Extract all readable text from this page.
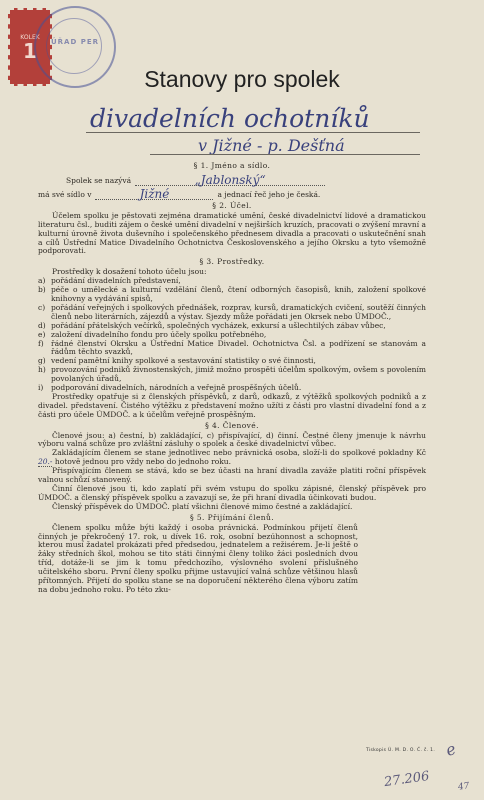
KOLEK
1	ÚŘAD PER
Stanovy pro spolek
divadelních ochotníků
v Jižné - p. Dešťná
§ 1. Jméno a sídlo.
Spolek se nazývá	„Jablonský“
má své sídlo v	Jižné	a jednací řeč jeho je česká.
§ 2. Účel.

Účelem spolku je pěstovati zejména dramatické umění, české divadelnictví lidové a dramatickou literaturu čsl., buditi zájem o české umění divadelní v nejširších kruzích, pracovati o zvýšení mravní a kulturní úrovně života duševního i společenského přednesem divadla a pracovati o uskutečnění snah a cílů Ústřední Matice Divadelního Ochotnictva Československého a jejího Okrsku a tyto všemožně podporovati.

§ 3. Prostředky.

Prostředky k dosažení tohoto účelu jsou:

a) pořádání divadelních představení,
b) péče o umělecké a kulturní vzdělání členů, čtení odborných časopisů, knih, založení spolkové knihovny a vydávání spisů,
c) pořádání veřejných i spolkových přednášek, rozprav, kursů, dramatických cvičení, soutěží činných členů nebo literárních, zájezdů a výstav. Sjezdy může pořádati jen Okrsek nebo ÚMDOČ.,
d) pořádání přátelských večírků, společných vycházek, exkursí a ušlechtilých zábav vůbec,
e) založení divadelního fondu pro účely spolku potřebného,
f) řádné členství Okrsku a Ústřední Matice Divadel. Ochotnictva Čsl. a podřízení se stanovám a řádům těchto svazků,
g) vedení pamětní knihy spolkové a sestavování statistiky o své činnosti,
h) provozování podniků živnostenských, jimiž možno prospěti účelům spolkovým, ovšem s povolením povolaných úřadů,
i)	podporování divadelních, národních a veřejně prospěšných účelů.

Prostředky opatřuje si z členských příspěvků, z darů, odkazů, z výtěžků spolkových podniků a z divadel. představení. Čistého výtěžku z představení možno užíti z části pro vlastní divadelní fond a z části pro účele ÚMDOČ. a k účelům veřejně prospěšným.

§ 4. Členové.

Členové jsou: a) čestní, b) zakládající, c) přispívající, d) činní. Čestné členy jmenuje k návrhu výboru valná schůze pro zvláštní zásluhy o spolek a české divadelnictví vůbec.

Zakládajícím členem se stane jednotlivec nebo právnická osoba, složí-li do spolkové pokladny Kč 20.- hotově jednou pro vždy nebo do jednoho roku.

Přispívajícím členem se stává, kdo se bez účasti na hraní divadla zaváže platiti roční příspěvek valnou schůzí stanovený.

Činní členové jsou ti, kdo zaplatí při svém vstupu do spolku zápisné, členský příspěvek pro ÚMDOČ. a členský příspěvek spolku a zavazují se, že při hraní divadla účinkovati budou.

Členský příspěvek do ÚMDOČ. platí všichni členové mimo čestné a zakládající.

§ 5. Přijímání členů.

Členem spolku může býti každý i osoba právnická. Podmínkou přijetí členů činných je překročený 17. rok, u dívek 16. rok, osobní bezúhonnost a schopnost, kterou musí žadatel prokázati před předsedou, jednatelem a režisérem. Je-li ještě o žáky středních škol, mohou se tito státi činnými členy toliko žáci posledních dvou tříd, dotáže-li se jim k tomu předchozího, výslovného svolení příslušného učitelského sboru. První členy spolku přijme ustavující valná schůze většinou hlasů přítomných. Přijetí do spolku stane se na doporučení některého člena výboru zatím na dobu jednoho roku. Po této zku-

Tiskopis Ú. M. D. O. Č. č. 1. e
27.206	47
